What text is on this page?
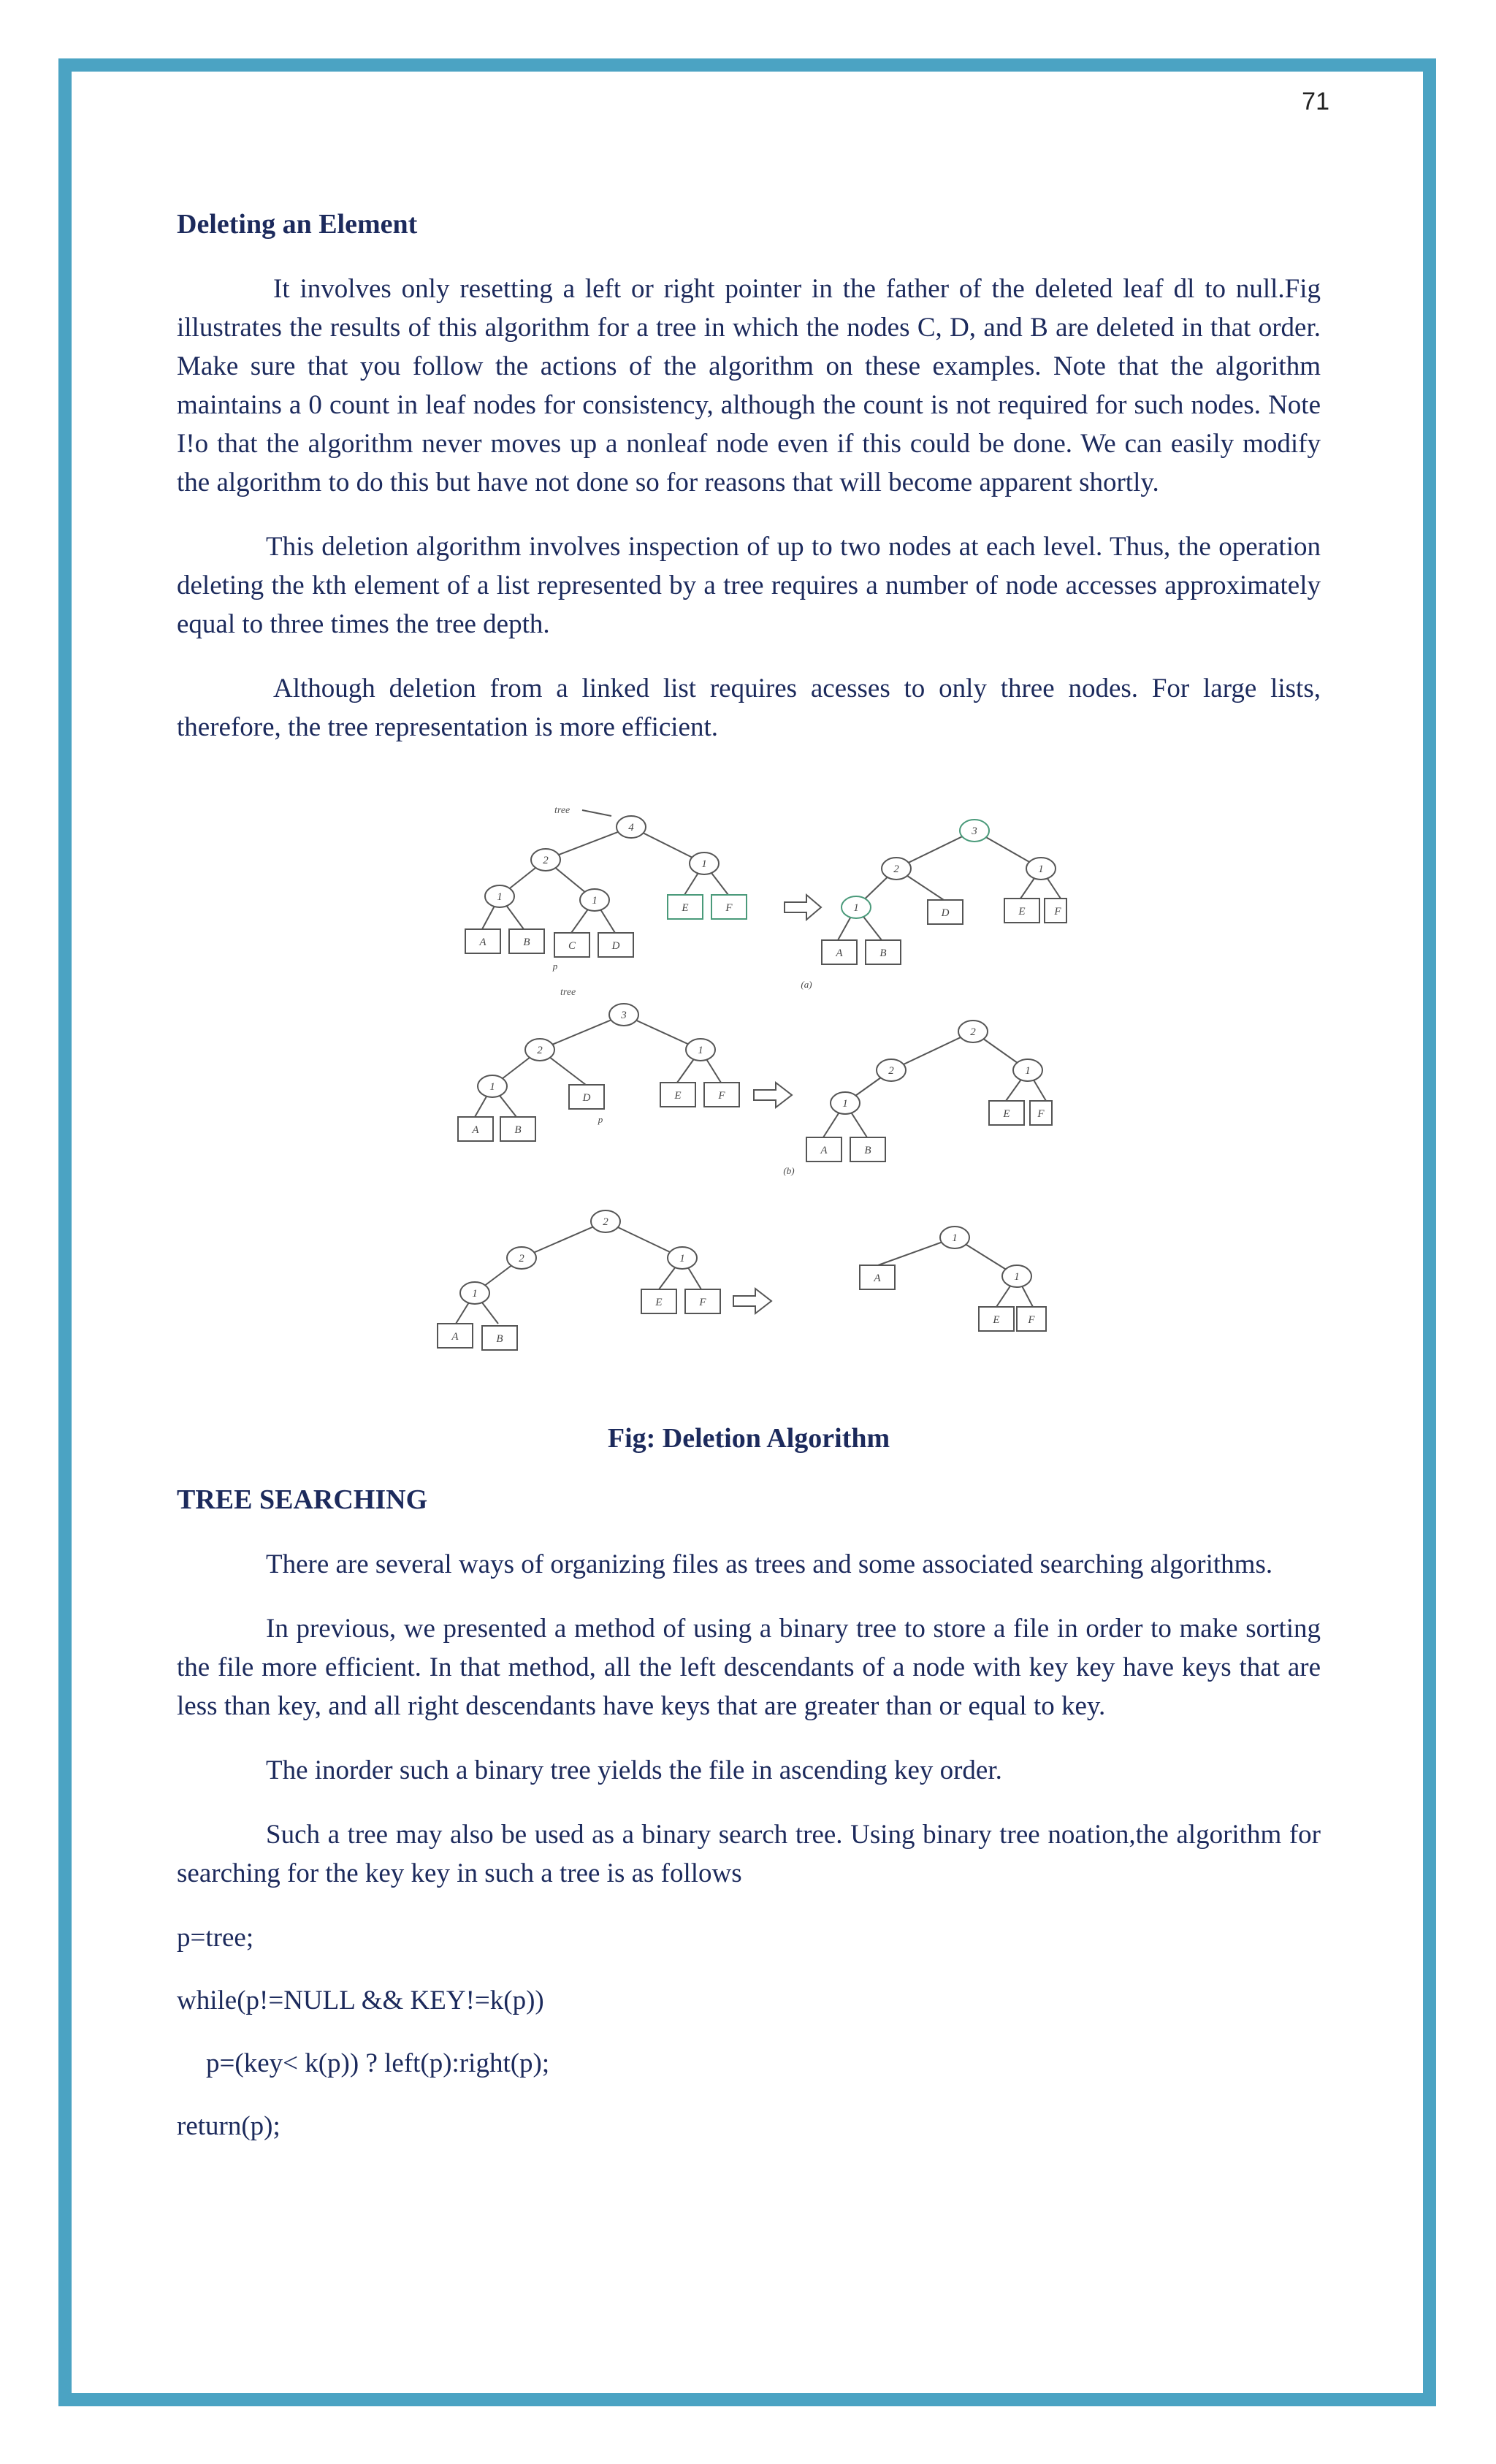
71
Deleting an Element

It involves only resetting a left or right pointer in the father of the deleted leaf dl to null.Fig illustrates the results of this algorithm for a tree in which the nodes C, D, and B are deleted in that order. Make sure that you follow the actions of the algorithm on these examples. Note that the algorithm maintains a 0 count in leaf nodes for consistency, although the count is not required for such nodes. Note I!o that the algorithm never moves up a nonleaf node even if this could be done. We can easily modify the algorithm to do this but have not done so for reasons that will become apparent shortly.

This deletion algorithm involves inspection of up to two nodes at each level. Thus, the operation deleting the kth element of a list represented by a tree requires a number of node accesses approximately equal to three times the tree depth.

Although deletion from a linked list requires acesses to only three nodes. For large lists, therefore, the tree representation is more efficient.

tree
4
2	1
1	1
A	B	C	D
E	F
p
3
2	1
1
A	B
D	E	F
(a)
tree
3
2	1
1
A	B
D	E	F
p
2
2	1
1
A	B
E	F
(b)
2
2	1
1
A	B
E	F
1
1
A
E	F
Fig: Deletion Algorithm
TREE SEARCHING

There are several ways of organizing files as trees and some associated searching algorithms.

In previous, we presented a method of using a binary tree to store a file in order to make sorting the file more efficient. In that method, all the left descendants of a node with key key have keys that are less than key, and all right descendants have keys that are greater than or equal to key.

The inorder such a binary tree yields the file in ascending key order.

Such a tree may also be used as a binary search tree. Using binary tree noation,the algorithm for searching for the key key in such a tree is as follows

p=tree;
while(p!=NULL && KEY!=k(p))
p=(key< k(p)) ? left(p):right(p);
return(p);
